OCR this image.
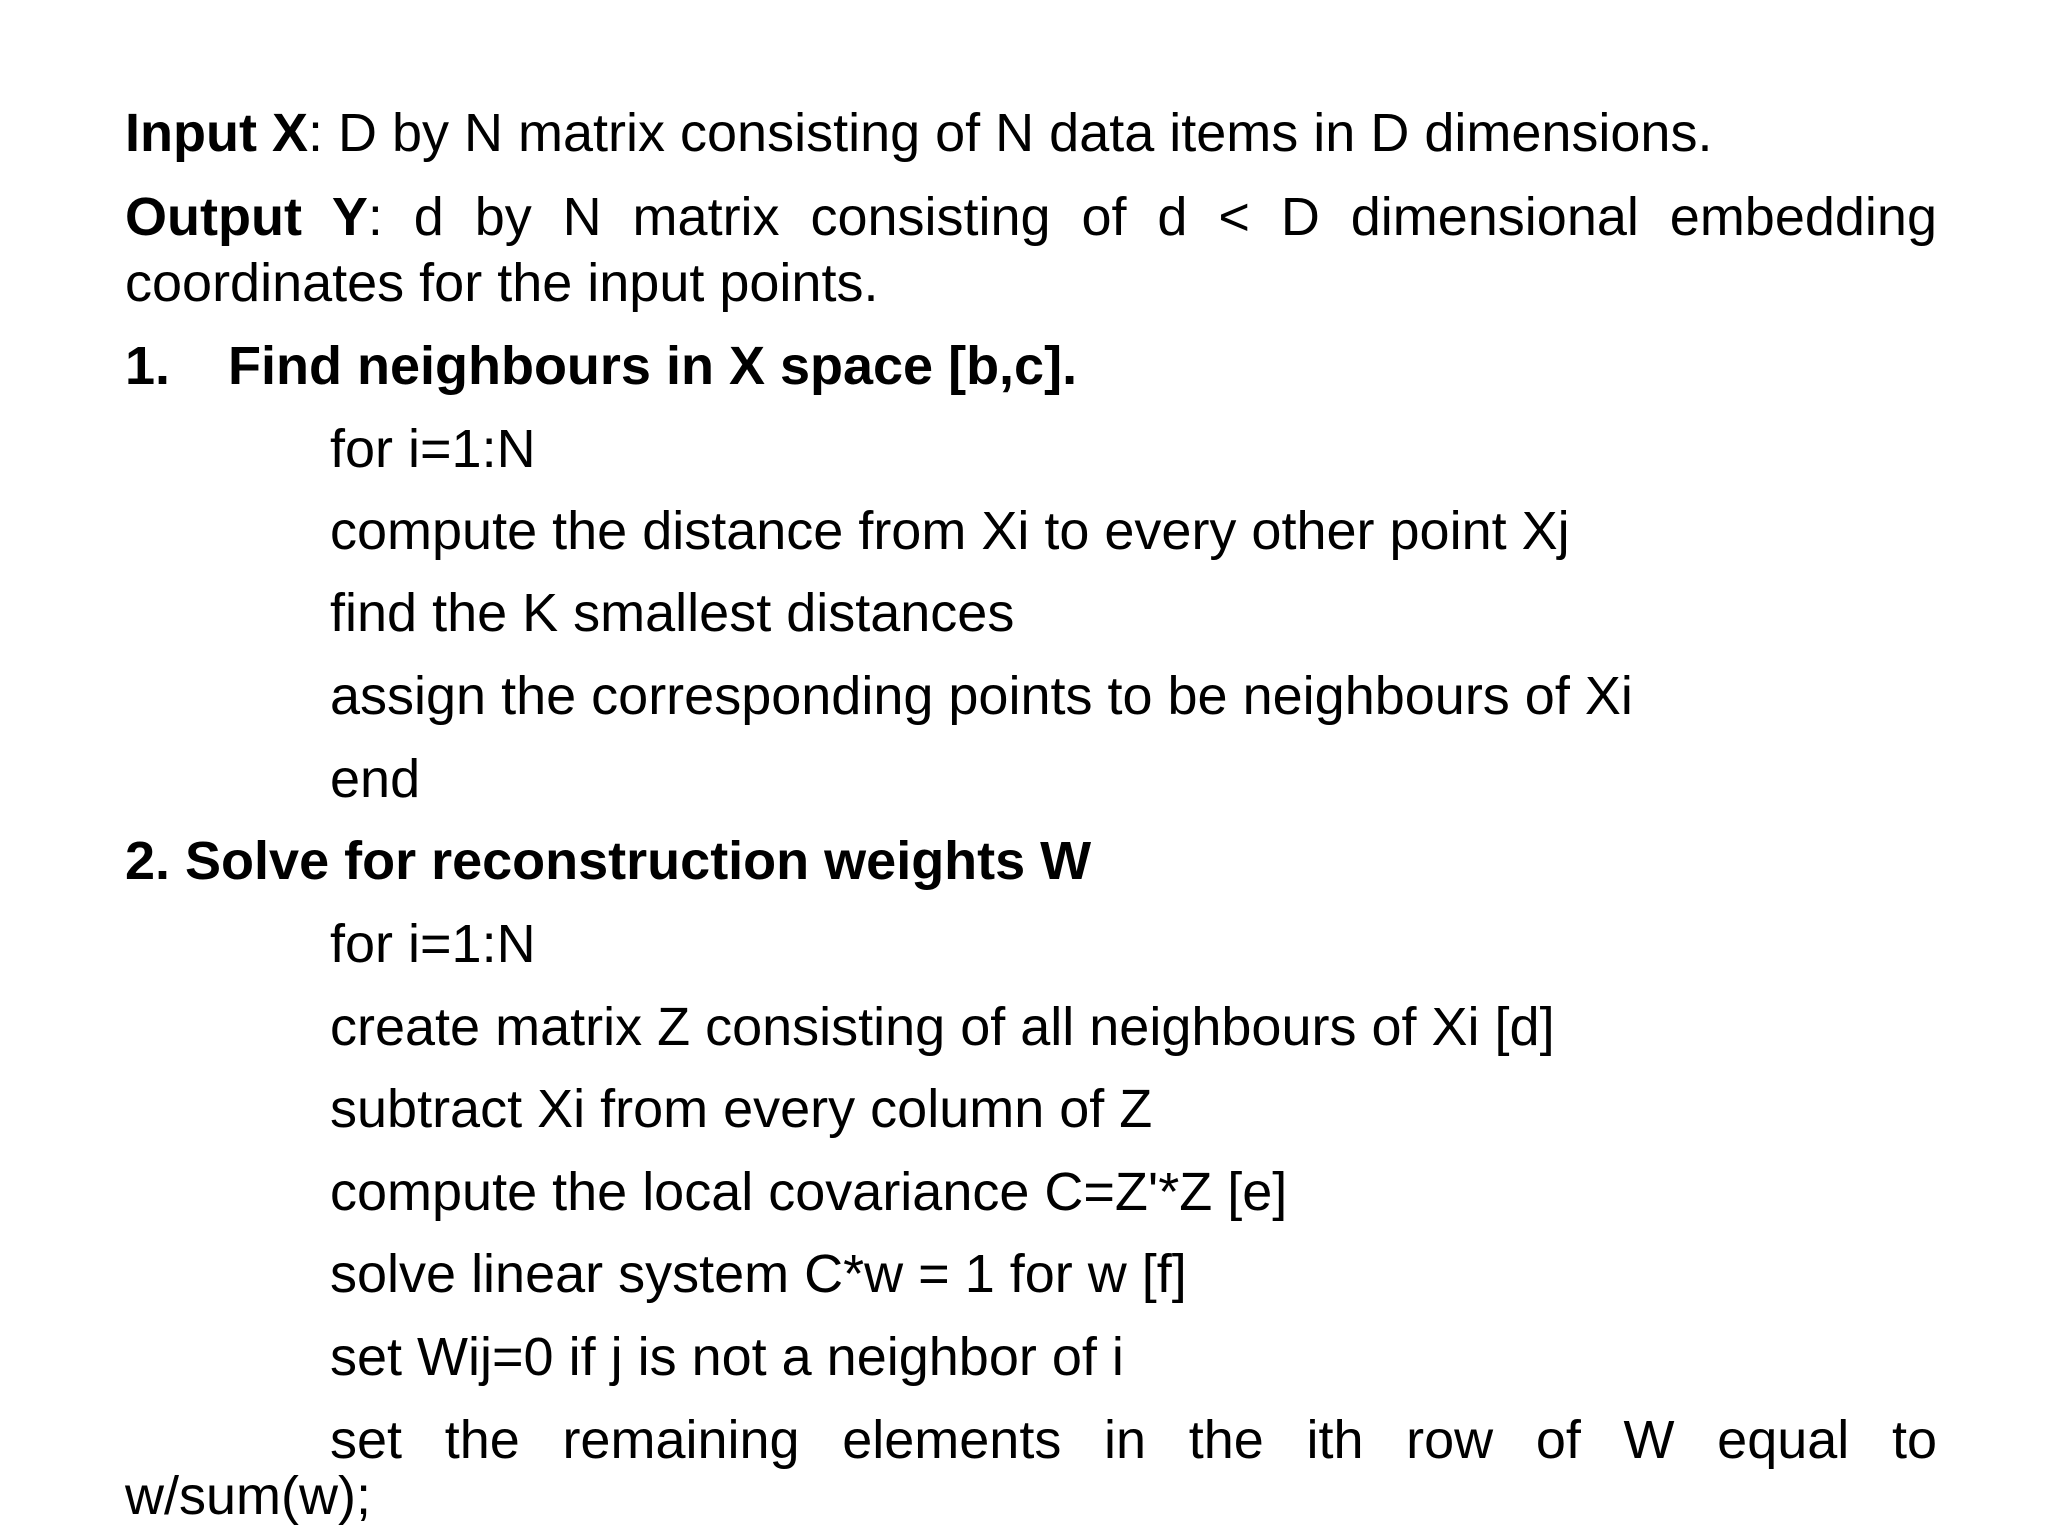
Input X: D by N matrix consisting of N data items in D dimensions.
Output Y: d by N matrix consisting of d < D dimensional embedding
coordinates for the input points.
1. Find neighbours in X space [b,c].
for i=1:N
compute the distance from Xi to every other point Xj
find the K smallest distances
assign the corresponding points to be neighbours of Xi
end
2. Solve for reconstruction weights W
for i=1:N
create matrix Z consisting of all neighbours of Xi [d]
subtract Xi from every column of Z
compute the local covariance C=Z'*Z [e]
solve linear system C*w = 1 for w [f]
set Wij=0 if j is not a neighbor of i
set the remaining elements in the ith row of W equal to
w/sum(w);
